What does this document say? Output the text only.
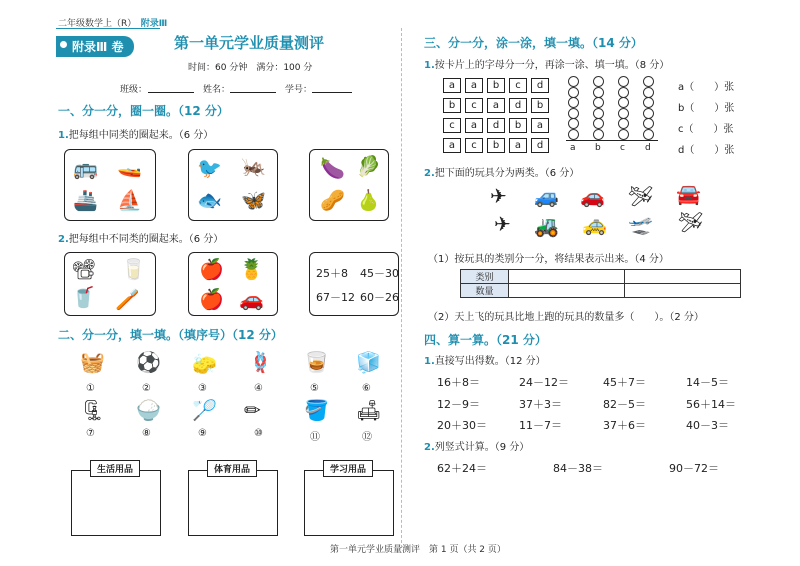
二年级数学上（R）　 附录Ⅲ
附录Ⅲ 卷	第一单元学业质量测评
时间：60 分钟　满分：100 分
班级：	姓名：	学号：
一、分一分，圈一圈。（12 分）
1.把每组中同类的圈起来。（6 分）
🚌 🚤
🚢 ⛵
🐦 🦗
🐟 🦋
🍆 🥬
🥜 🍐
2.把每组中不同类的圈起来。（6 分）
📽 🥛
🥤 🪥
🍎 🍍
🍎 🚗
25＋8 45－30
67－12 60－26
二、分一分，填一填。（填序号）（12 分）
🧺 ⚽ 🧽 🪢 🥃 🧊
①	②	③	④	⑤	⑥
🗜 🍚 🏸 ✏ 🪣 🛋
⑦	⑧	⑨	⑩	⑪	⑫
生活用品	体育用品	学习用品
三、分一分，涂一涂，填一填。（14 分）
1.按卡片上的字母分一分，再涂一涂、填一填。（8 分）
a	a	b	c	d
b	c	a	d	b
c	a	d	b	a
a	c	b	a	d	a b c d
a（　　）张
b（　　）张
c（　　）张
d（　　）张
2.把下面的玩具分为两类。（6 分）
✈ 🚙 🚗 🛩 🚘
✈ 🚜 🚕 🛫 🛩
（1）按玩具的类别分一分，将结果表示出来。（4 分）
类别		
数量		
（2）天上飞的玩具比地上跑的玩具的数量多（　　）。（2 分）
四、算一算。（21 分）
1.直接写出得数。（12 分）
16＋8＝	24－12＝	45＋7＝	14－5＝
12－9＝	37＋3＝	82－5＝	56＋14＝
20＋30＝	11－7＝	37＋6＝	40－3＝
2.列竖式计算。（9 分）
62＋24＝	84－38＝	90－72＝
第一单元学业质量测评　第 1 页（共 2 页）
